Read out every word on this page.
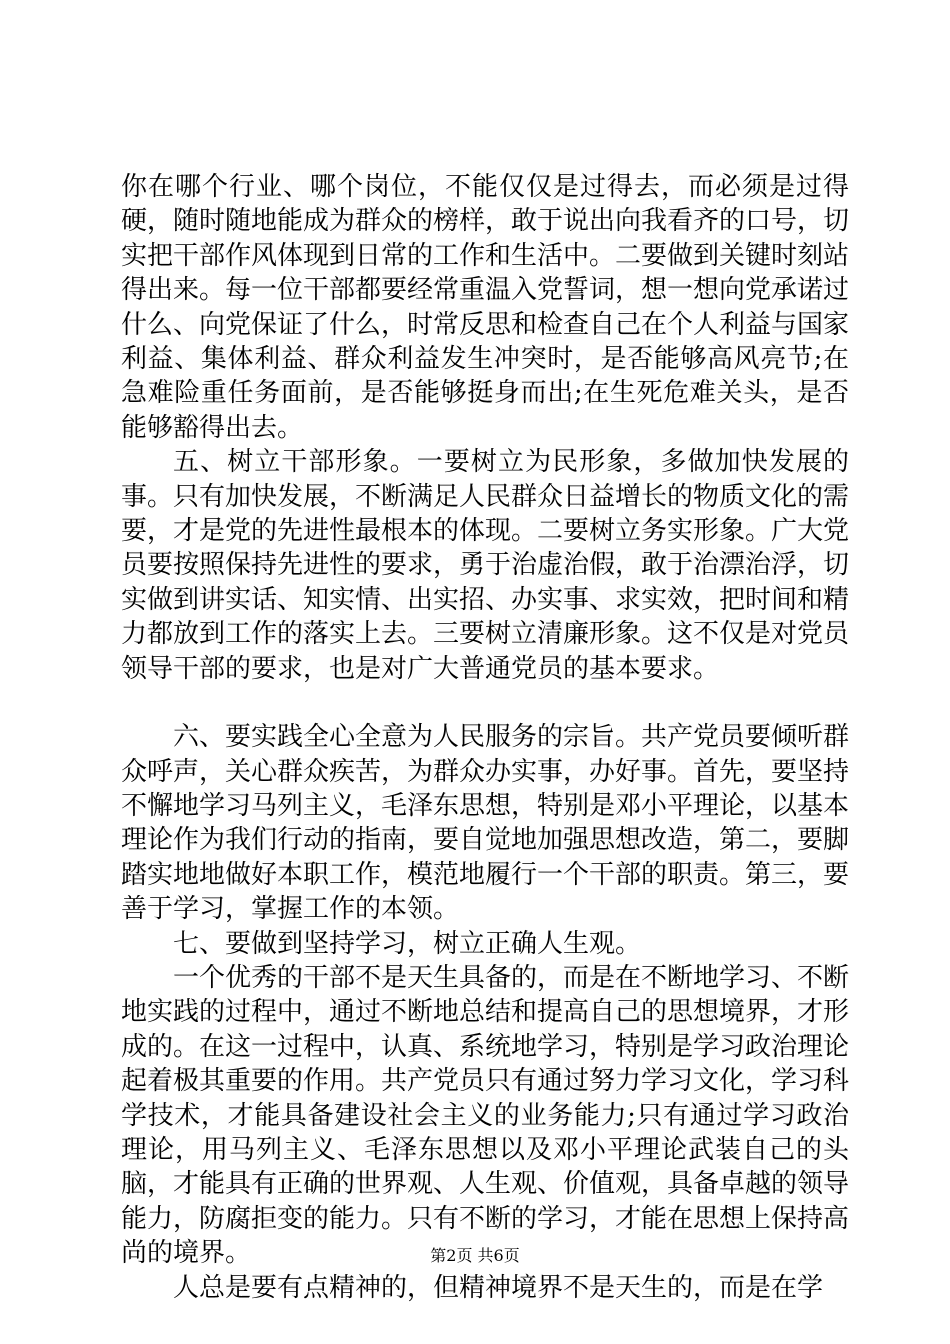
你在哪个行业、哪个岗位，不能仅仅是过得去，而必须是过得硬，随时随地能成为群众的榜样，敢于说出向我看齐的口号，切实把干部作风体现到日常的工作和生活中。二要做到关键时刻站得出来。每一位干部都要经常重温入党誓词，想一想向党承诺过什么、向党保证了什么，时常反思和检查自己在个人利益与国家利益、集体利益、群众利益发生冲突时，是否能够高风亮节;在急难险重任务面前，是否能够挺身而出;在生死危难关头，是否能够豁得出去。

五、树立干部形象。一要树立为民形象，多做加快发展的事。只有加快发展，不断满足人民群众日益增长的物质文化的需要，才是党的先进性最根本的体现。二要树立务实形象。广大党员要按照保持先进性的要求，勇于治虚治假，敢于治漂治浮，切实做到讲实话、知实情、出实招、办实事、求实效，把时间和精力都放到工作的落实上去。三要树立清廉形象。这不仅是对党员领导干部的要求，也是对广大普通党员的基本要求。

六、要实践全心全意为人民服务的宗旨。共产党员要倾听群众呼声，关心群众疾苦，为群众办实事，办好事。首先，要坚持不懈地学习马列主义，毛泽东思想，特别是邓小平理论，以基本理论作为我们行动的指南，要自觉地加强思想改造，第二，要脚踏实地地做好本职工作，模范地履行一个干部的职责。第三，要善于学习，掌握工作的本领。

七、要做到坚持学习，树立正确人生观。

一个优秀的干部不是天生具备的，而是在不断地学习、不断地实践的过程中，通过不断地总结和提高自己的思想境界，才形成的。在这一过程中，认真、系统地学习，特别是学习政治理论起着极其重要的作用。共产党员只有通过努力学习文化，学习科学技术，才能具备建设社会主义的业务能力;只有通过学习政治理论，用马列主义、毛泽东思想以及邓小平理论武装自己的头脑，才能具有正确的世界观、人生观、价值观，具备卓越的领导能力，防腐拒变的能力。只有不断的学习，才能在思想上保持高尚的境界。

人总是要有点精神的，但精神境界不是天生的，而是在学

第2页 共6页
